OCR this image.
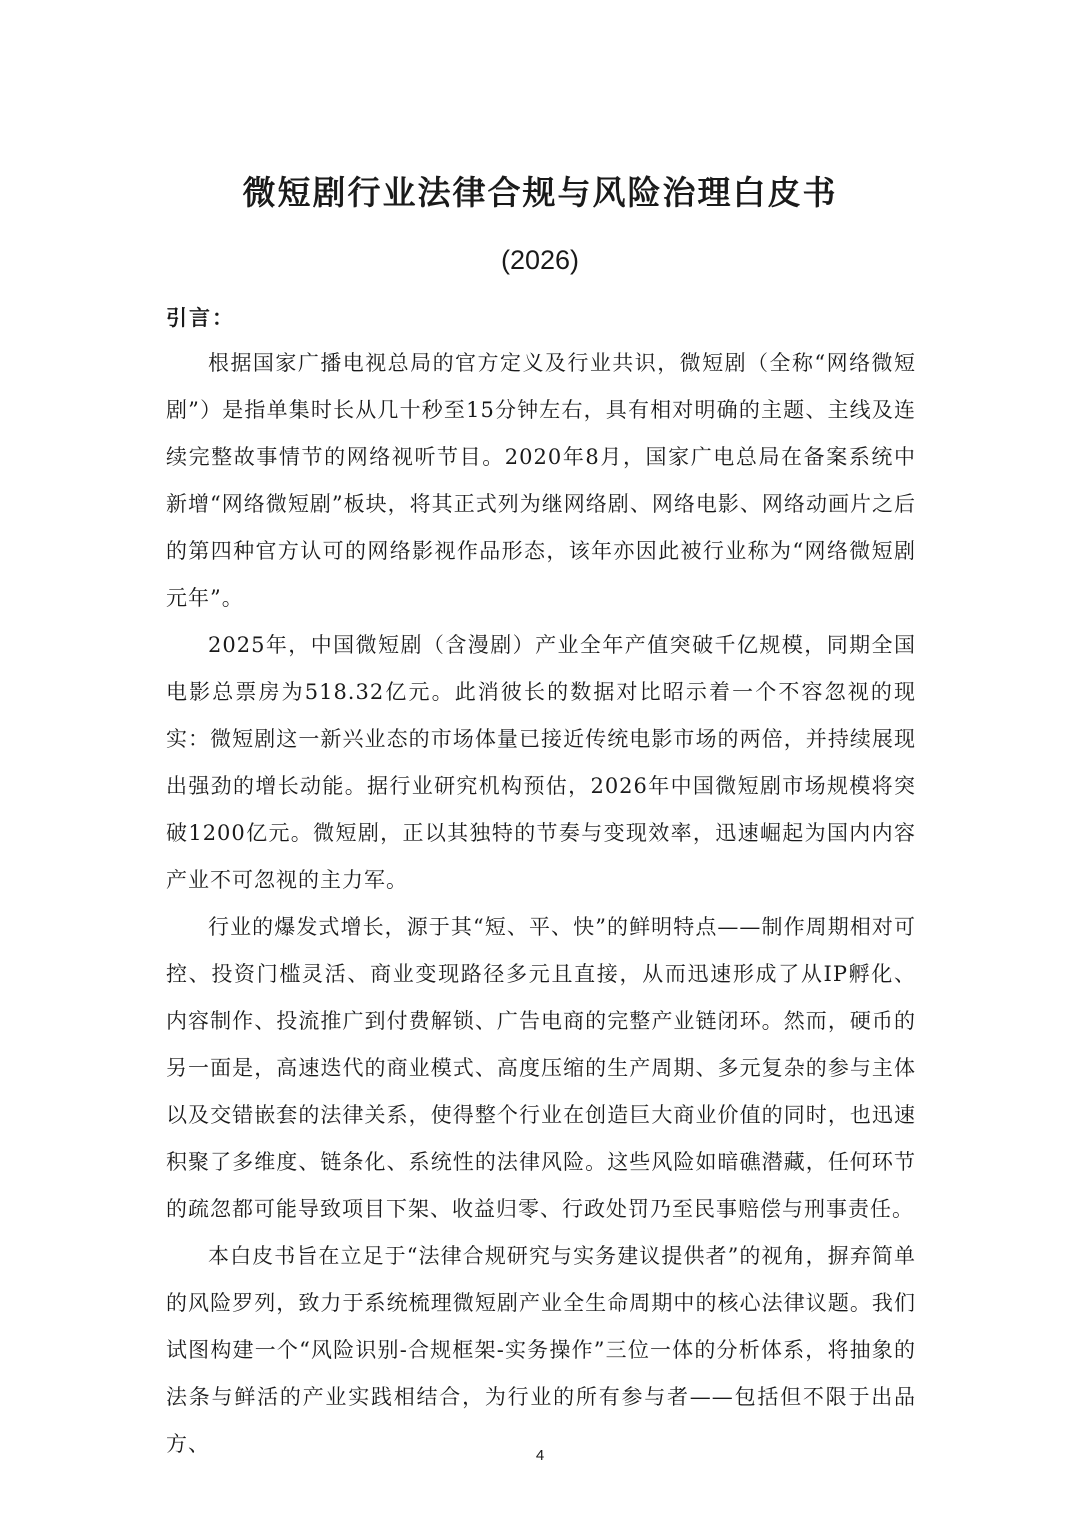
微短剧行业法律合规与风险治理白皮书
(2026)

引言：

根据国家广播电视总局的官方定义及行业共识，微短剧（全称“网络微短剧”）是指单集时长从几十秒至15分钟左右，具有相对明确的主题、主线及连续完整故事情节的网络视听节目。2020年8月，国家广电总局在备案系统中新增“网络微短剧”板块，将其正式列为继网络剧、网络电影、网络动画片之后的第四种官方认可的网络影视作品形态，该年亦因此被行业称为“网络微短剧元年”。

2025年，中国微短剧（含漫剧）产业全年产值突破千亿规模，同期全国电影总票房为518.32亿元。此消彼长的数据对比昭示着一个不容忽视的现实：微短剧这一新兴业态的市场体量已接近传统电影市场的两倍，并持续展现出强劲的增长动能。据行业研究机构预估，2026年中国微短剧市场规模将突破1200亿元。微短剧，正以其独特的节奏与变现效率，迅速崛起为国内内容产业不可忽视的主力军。

行业的爆发式增长，源于其“短、平、快”的鲜明特点——制作周期相对可控、投资门槛灵活、商业变现路径多元且直接，从而迅速形成了从IP孵化、内容制作、投流推广到付费解锁、广告电商的完整产业链闭环。然而，硬币的另一面是，高速迭代的商业模式、高度压缩的生产周期、多元复杂的参与主体以及交错嵌套的法律关系，使得整个行业在创造巨大商业价值的同时，也迅速积聚了多维度、链条化、系统性的法律风险。这些风险如暗礁潜藏，任何环节的疏忽都可能导致项目下架、收益归零、行政处罚乃至民事赔偿与刑事责任。

本白皮书旨在立足于“法律合规研究与实务建议提供者”的视角，摒弃简单的风险罗列，致力于系统梳理微短剧产业全生命周期中的核心法律议题。我们试图构建一个“风险识别-合规框架-实务操作”三位一体的分析体系，将抽象的法条与鲜活的产业实践相结合，为行业的所有参与者——包括但不限于出品方、	4
